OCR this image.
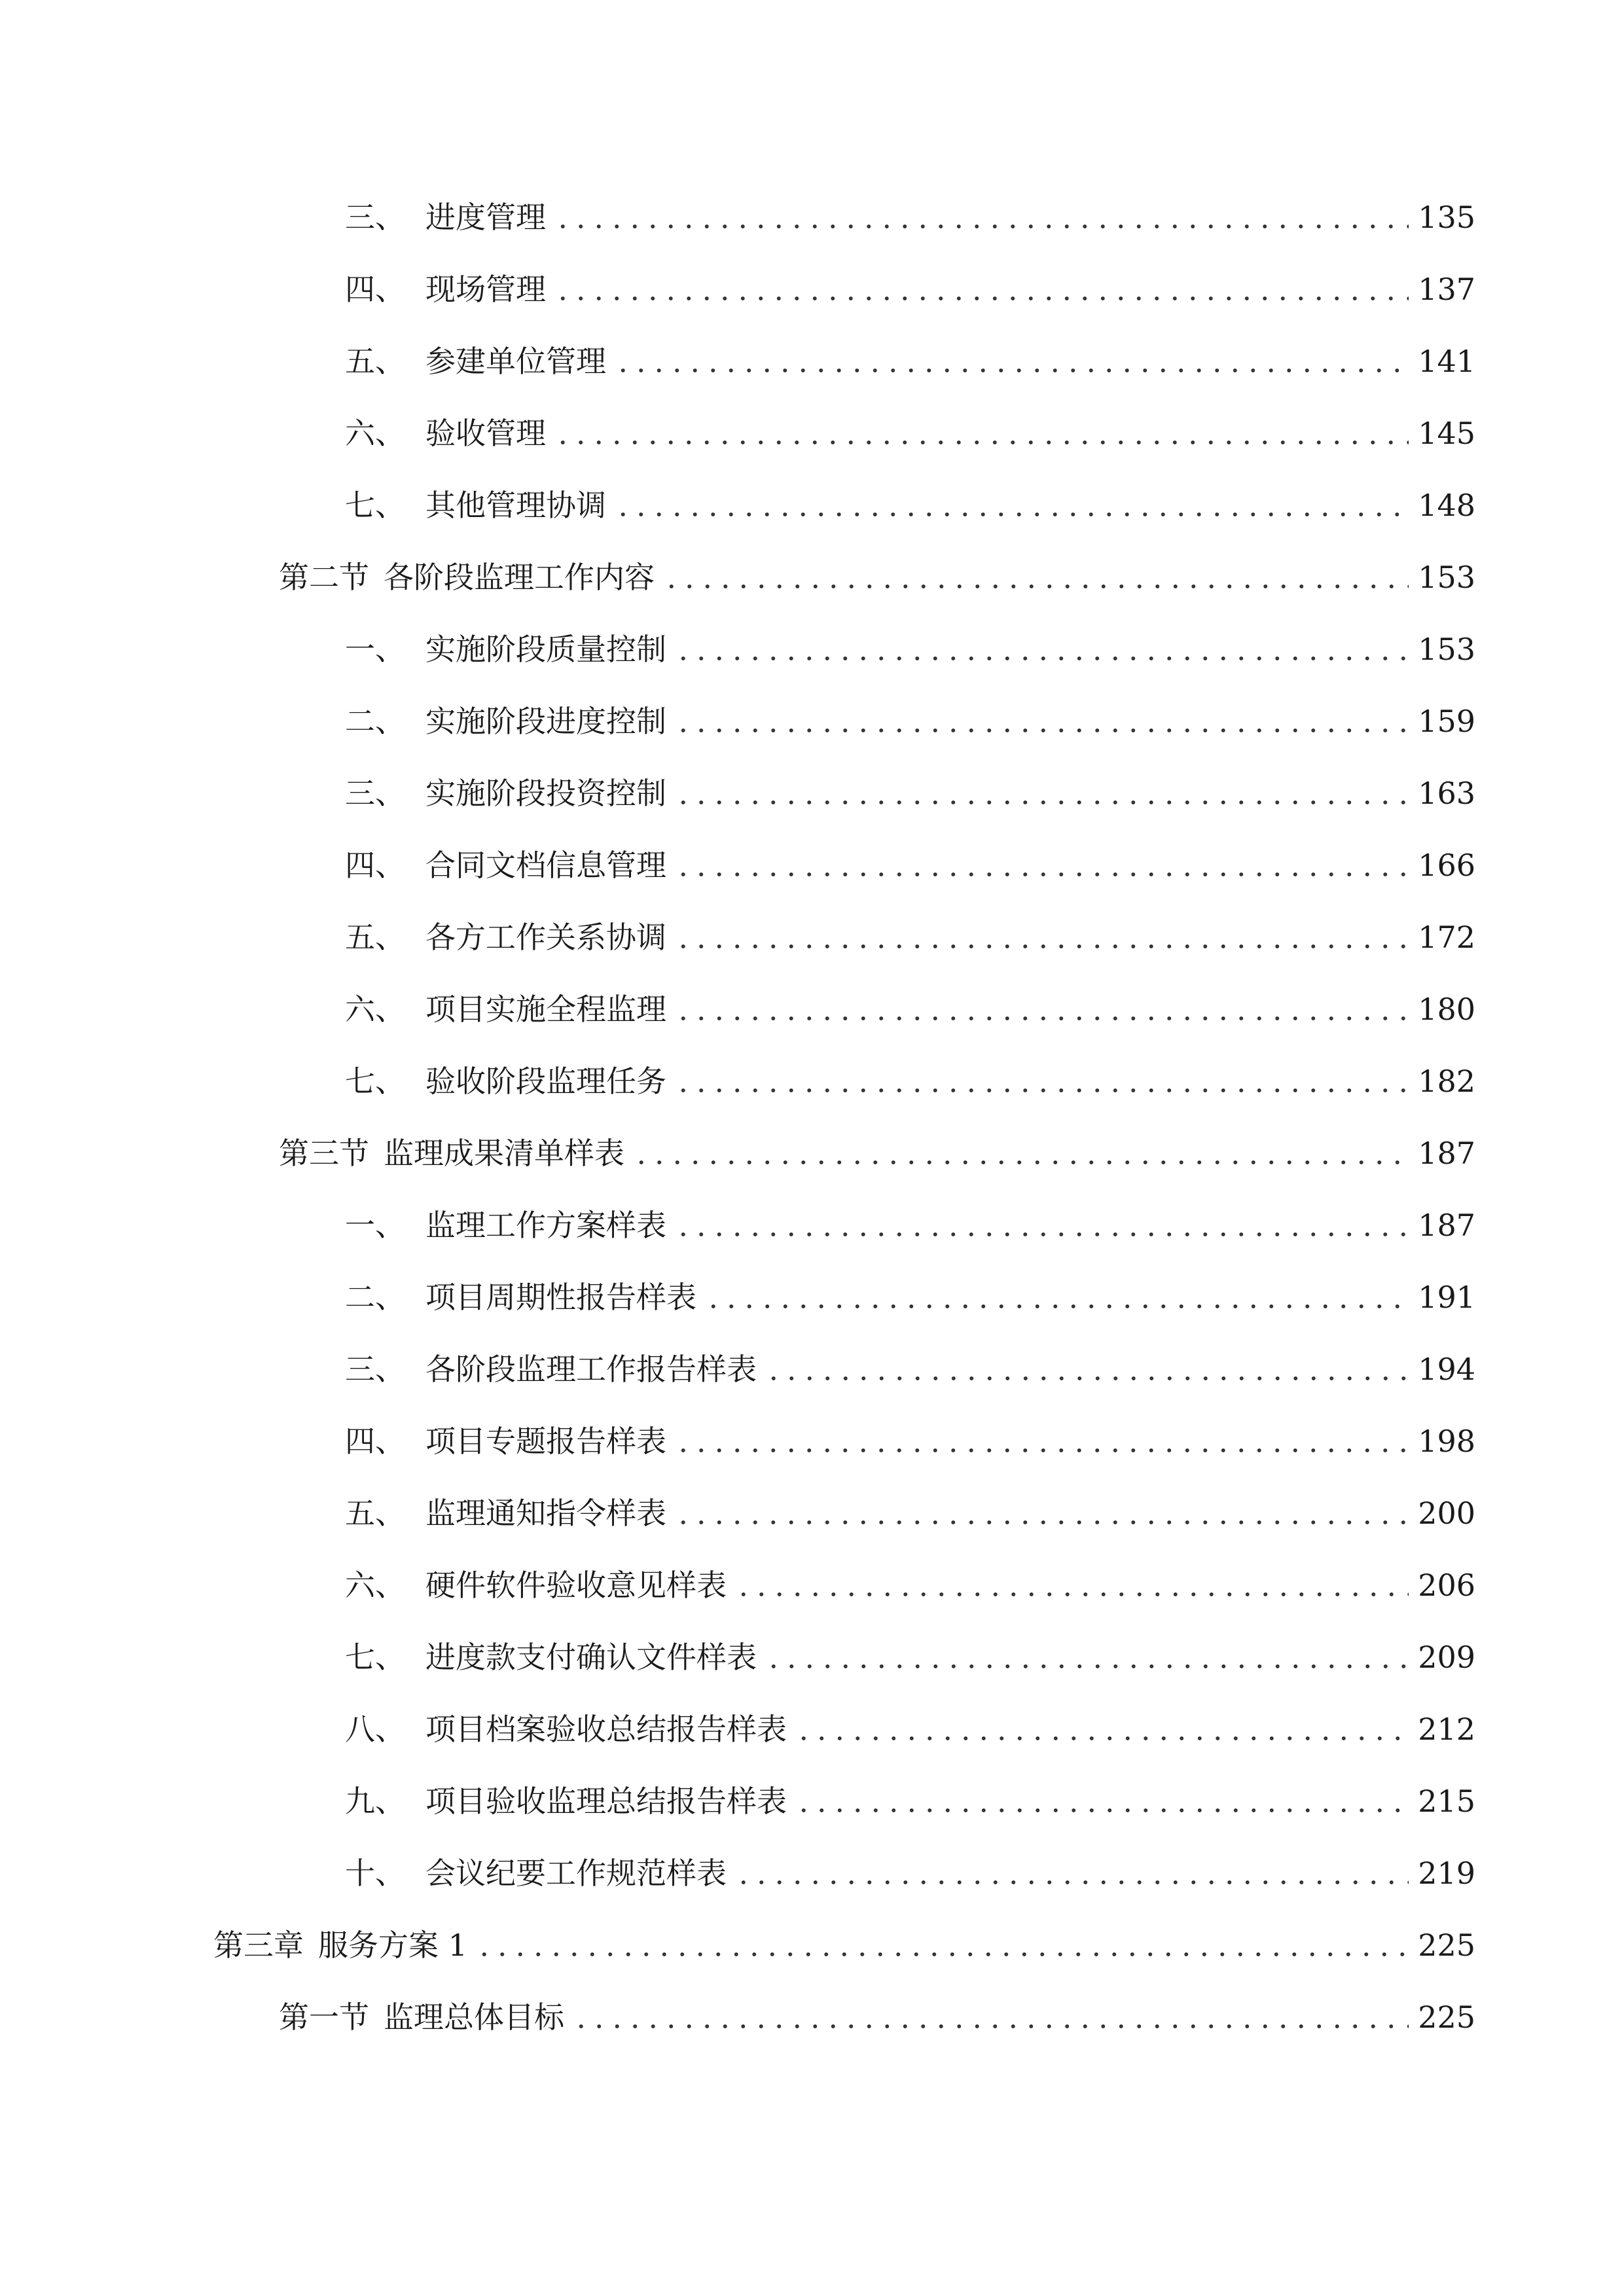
三、 进度管理	135
四、 现场管理	137
五、 参建单位管理	141
六、 验收管理	145
七、 其他管理协调	148
第二节 各阶段监理工作内容	153
一、 实施阶段质量控制	153
二、 实施阶段进度控制	159
三、 实施阶段投资控制	163
四、 合同文档信息管理	166
五、 各方工作关系协调	172
六、 项目实施全程监理	180
七、 验收阶段监理任务	182
第三节 监理成果清单样表	187
一、 监理工作方案样表	187
二、 项目周期性报告样表	191
三、 各阶段监理工作报告样表	194
四、 项目专题报告样表	198
五、 监理通知指令样表	200
六、 硬件软件验收意见样表	206
七、 进度款支付确认文件样表	209
八、 项目档案验收总结报告样表	212
九、 项目验收监理总结报告样表	215
十、 会议纪要工作规范样表	219
第三章 服务方案 1	225
第一节 监理总体目标	225
